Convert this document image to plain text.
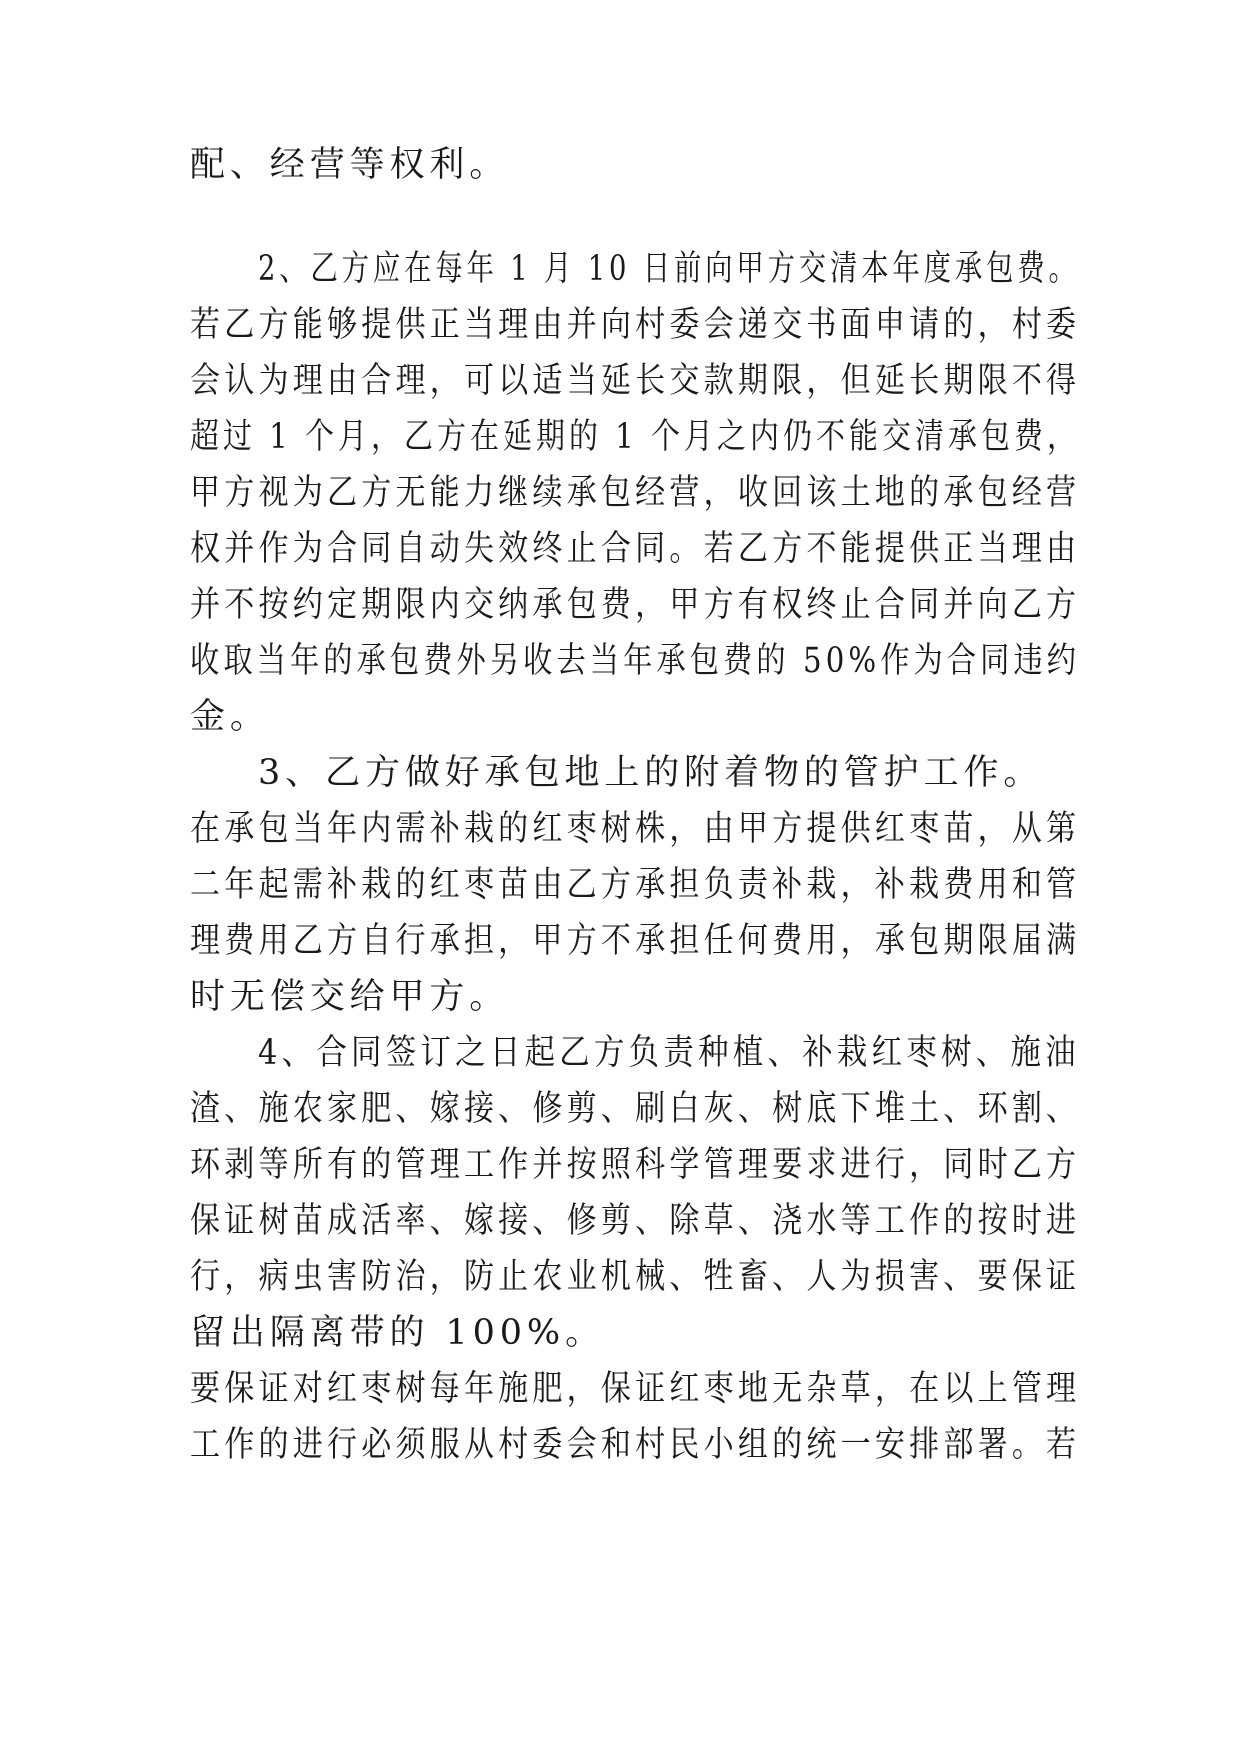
配、经营等权利。

2、乙方应在每年 1 月 10 日前向甲方交清本年度承包费。

若乙方能够提供正当理由并向村委会递交书面申请的，村委

会认为理由合理，可以适当延长交款期限，但延长期限不得

超过 1 个月，乙方在延期的 1 个月之内仍不能交清承包费，

甲方视为乙方无能力继续承包经营，收回该土地的承包经营

权并作为合同自动失效终止合同。若乙方不能提供正当理由

并不按约定期限内交纳承包费，甲方有权终止合同并向乙方

收取当年的承包费外另收去当年承包费的 50%作为合同违约

金。

3、乙方做好承包地上的附着物的管护工作。

在承包当年内需补栽的红枣树株，由甲方提供红枣苗，从第

二年起需补栽的红枣苗由乙方承担负责补栽，补栽费用和管

理费用乙方自行承担，甲方不承担任何费用，承包期限届满

时无偿交给甲方。

4、合同签订之日起乙方负责种植、补栽红枣树、施油

渣、施农家肥、嫁接、修剪、刷白灰、树底下堆土、环割、

环剥等所有的管理工作并按照科学管理要求进行，同时乙方

保证树苗成活率、嫁接、修剪、除草、浇水等工作的按时进

行，病虫害防治，防止农业机械、牲畜、人为损害、要保证

留出隔离带的 100%。

要保证对红枣树每年施肥，保证红枣地无杂草，在以上管理

工作的进行必须服从村委会和村民小组的统一安排部署。若
